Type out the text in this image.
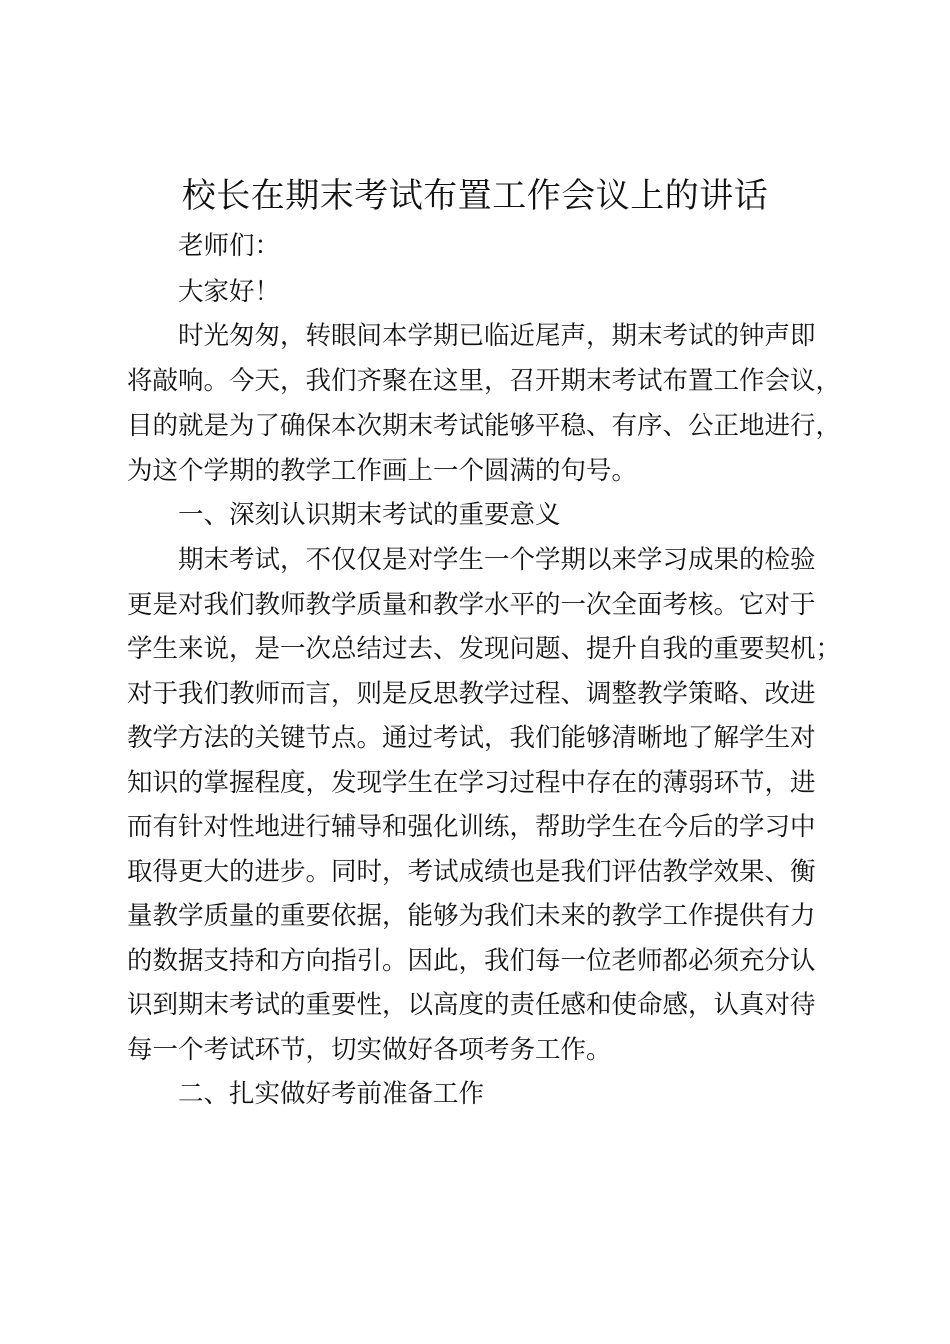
校长在期末考试布置工作会议上的讲话
老师们：
大家好！
时光匆匆，转眼间本学期已临近尾声，期末考试的钟声即
将敲响。今天，我们齐聚在这里，召开期末考试布置工作会议，
目的就是为了确保本次期末考试能够平稳、有序、公正地进行，
为这个学期的教学工作画上一个圆满的句号。
一、深刻认识期末考试的重要意义
期末考试，不仅仅是对学生一个学期以来学习成果的检验
更是对我们教师教学质量和教学水平的一次全面考核。它对于
学生来说，是一次总结过去、发现问题、提升自我的重要契机；
对于我们教师而言，则是反思教学过程、调整教学策略、改进
教学方法的关键节点。通过考试，我们能够清晰地了解学生对
知识的掌握程度，发现学生在学习过程中存在的薄弱环节，进
而有针对性地进行辅导和强化训练，帮助学生在今后的学习中
取得更大的进步。同时，考试成绩也是我们评估教学效果、衡
量教学质量的重要依据，能够为我们未来的教学工作提供有力
的数据支持和方向指引。因此，我们每一位老师都必须充分认
识到期末考试的重要性，以高度的责任感和使命感，认真对待
每一个考试环节，切实做好各项考务工作。
二、扎实做好考前准备工作
